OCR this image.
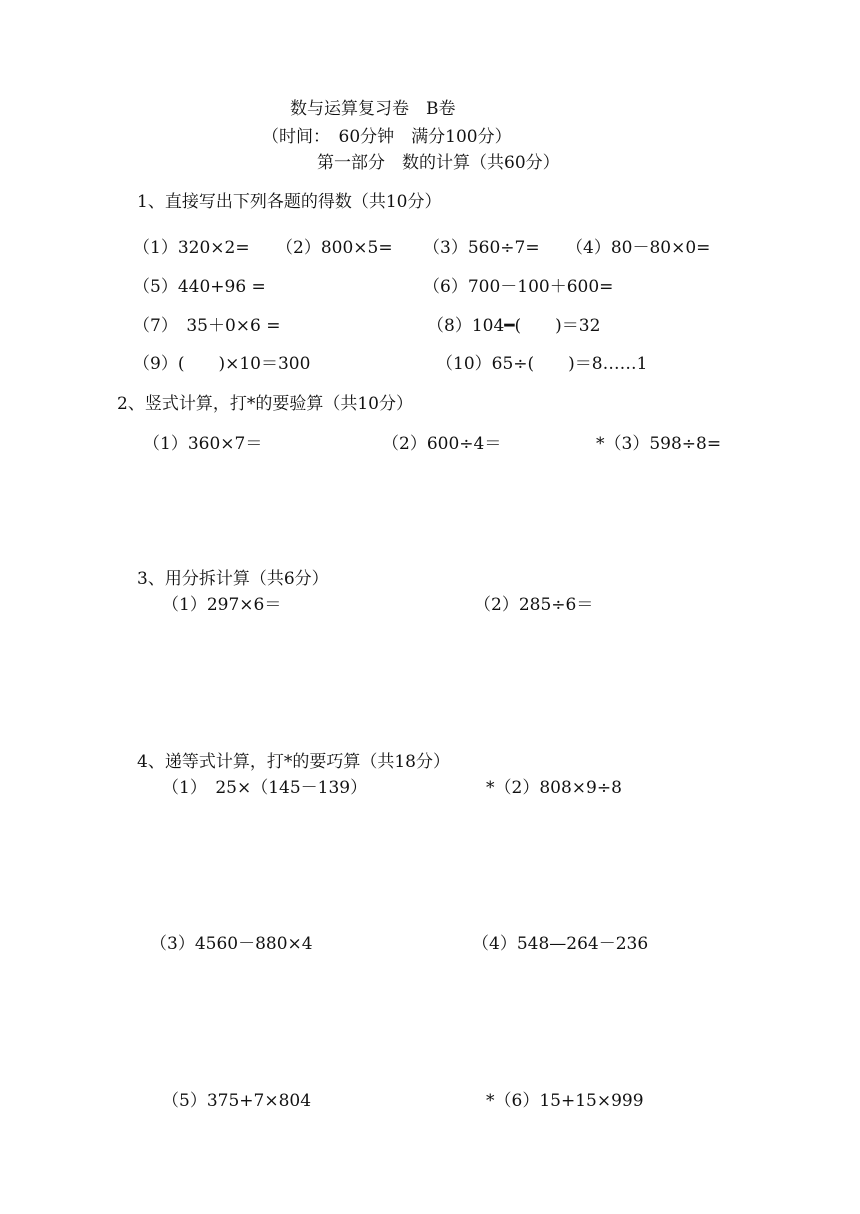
数与运算复习卷　B卷
（时间：　60分钟　满分100分）
第一部分　数的计算（共60分）
1、直接写出下列各题的得数（共10分）
（1）320×2= （2）800×5= （3）560÷7= （4）80－80×0=
（5）440+96 =	（6）700－100＋600=
（7）　35＋0×6 =	（8）104━(　　)＝32
（9）(　　)×10＝300	（10）65÷(　　)＝8……1
2、竖式计算，打*的要验算（共10分）
（1）360×7＝	（2）600÷4＝	*（3）598÷8=
3、用分拆计算（共6分）
（1）297×6＝	（2）285÷6＝
4、递等式计算，打*的要巧算（共18分）
（1）　25×（145－139）	*（2）808×9÷8
（3）4560－880×4	（4）548—264－236
（5）375+7×804	*（6）15+15×999
